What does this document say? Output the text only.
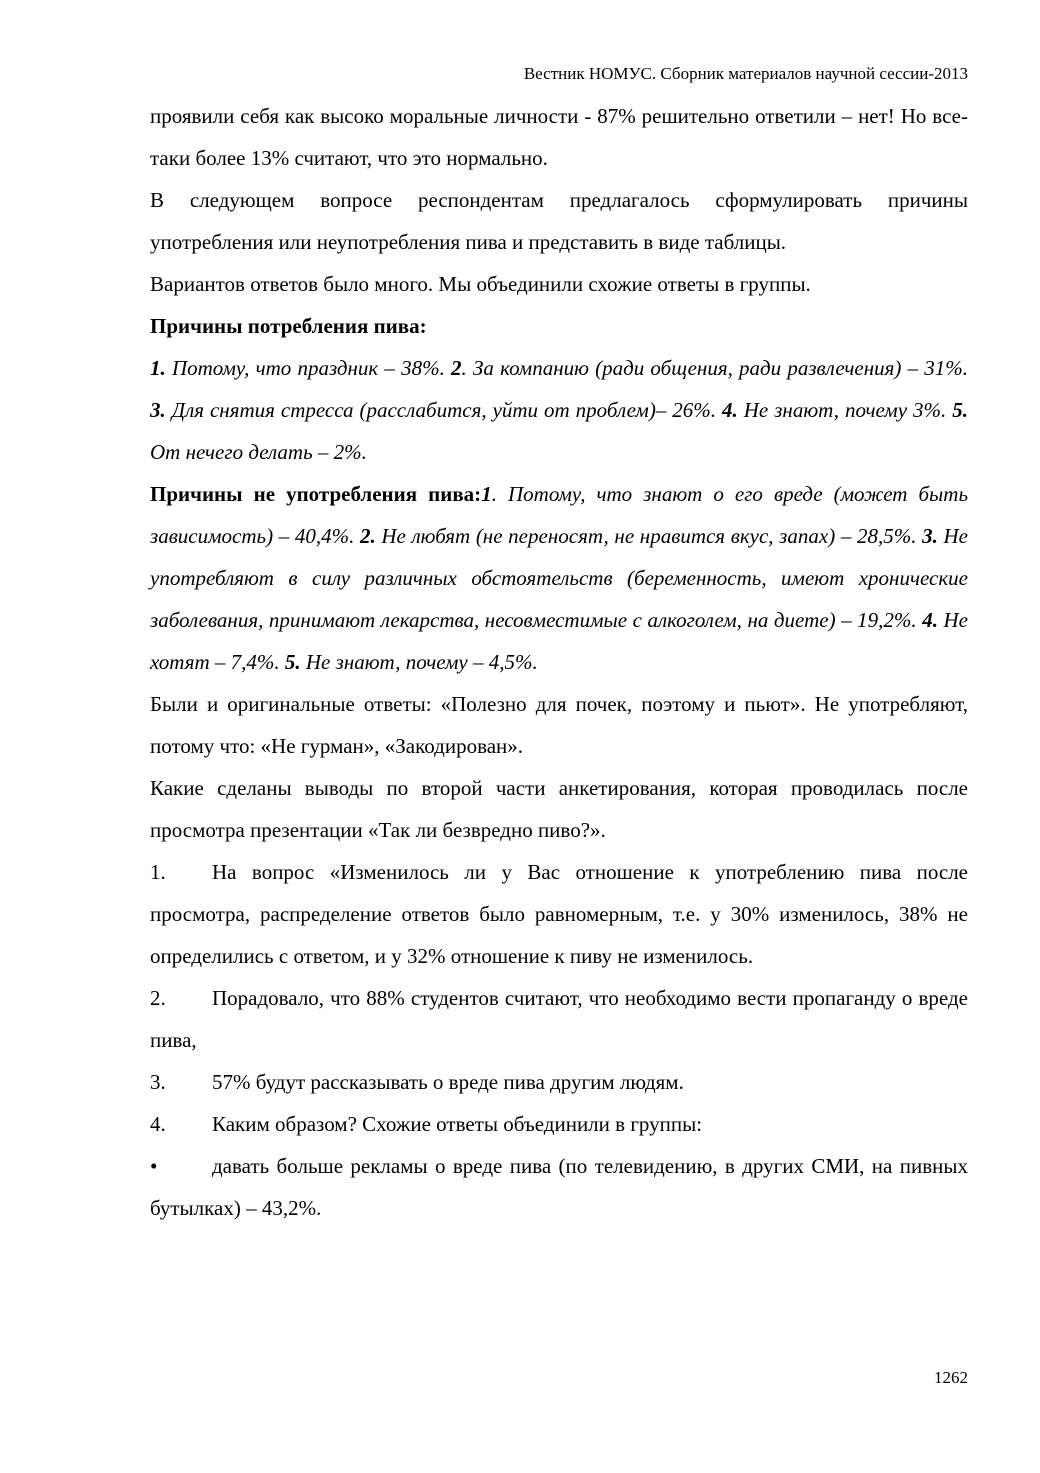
Вестник НОМУС. Сборник материалов научной сессии-2013

проявили себя как высоко моральные личности - 87% решительно ответили – нет! Но все-таки более 13% считают, что это нормально.

В следующем вопросе респондентам предлагалось сформулировать причины употребления или неупотребления пива и представить в виде таблицы.

Вариантов ответов было много. Мы объединили схожие ответы в группы.

Причины потребления пива:

1. Потому, что праздник – 38%. 2. За компанию (ради общения, ради развлечения) – 31%. 3. Для снятия стресса (расслабится, уйти от проблем)– 26%. 4. Не знают, почему 3%. 5. От нечего делать – 2%.

Причины не употребления пива:1. Потому, что знают о его вреде (может быть зависимость) – 40,4%. 2. Не любят (не переносят, не нравится вкус, запах) – 28,5%. 3. Не употребляют в силу различных обстоятельств (беременность, имеют хронические заболевания, принимают лекарства, несовместимые с алкоголем, на диете) – 19,2%. 4. Не хотят – 7,4%. 5. Не знают, почему – 4,5%.

Были и оригинальные ответы: «Полезно для почек, поэтому и пьют». Не употребляют, потому что: «Не гурман», «Закодирован».

Какие сделаны выводы по второй части анкетирования, которая проводилась после просмотра презентации «Так ли безвредно пиво?».

1. На вопрос «Изменилось ли у Вас отношение к употреблению пива после просмотра, распределение ответов было равномерным, т.е. у 30% изменилось, 38% не определились с ответом, и у 32% отношение к пиву не изменилось.

2. Порадовало, что 88% студентов считают, что необходимо вести пропаганду о вреде пива,

3. 57% будут рассказывать о вреде пива другим людям.

4. Каким образом? Схожие ответы объединили в группы:

•	давать больше рекламы о вреде пива (по телевидению, в других СМИ, на пивных бутылках) – 43,2%.

1262
